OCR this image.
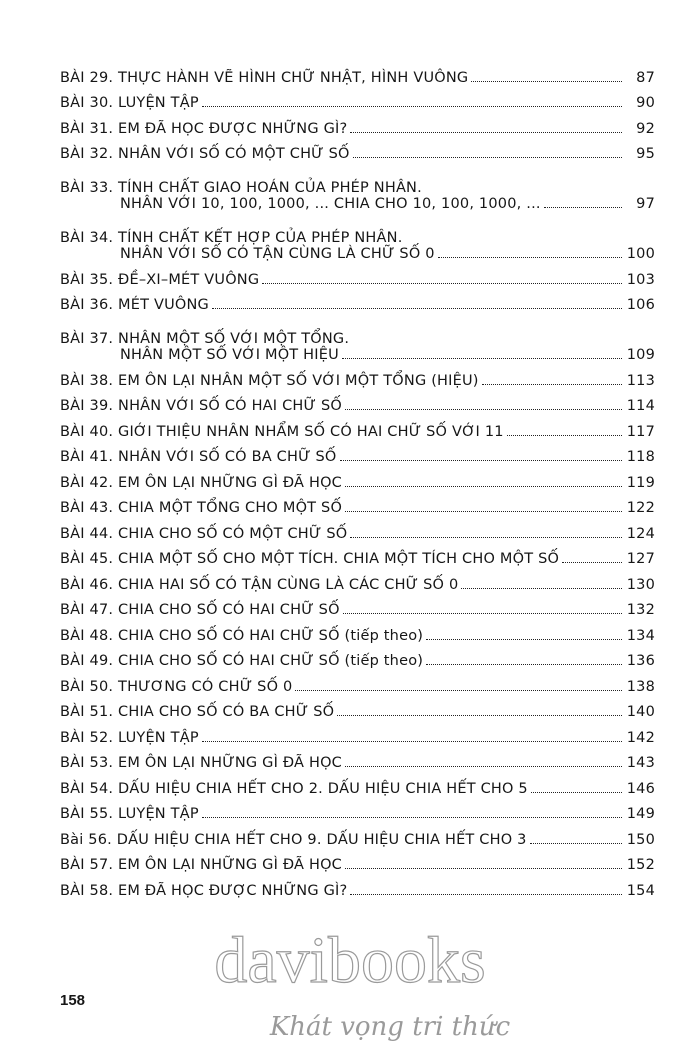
BÀI 29. THỰC HÀNH VẼ HÌNH CHỮ NHẬT, HÌNH VUÔNG	87
BÀI 30. LUYỆN TẬP	90
BÀI 31. EM ĐÃ HỌC ĐƯỢC NHỮNG GÌ?	92
BÀI 32. NHÂN VỚI SỐ CÓ MỘT CHỮ SỐ	95
BÀI 33. TÍNH CHẤT GIAO HOÁN CỦA PHÉP NHÂN.
NHÂN VỚI 10, 100, 1000, ... CHIA CHO 10, 100, 1000, ...	97
BÀI 34. TÍNH CHẤT KẾT HỢP CỦA PHÉP NHÂN.
NHÂN VỚI SỐ CÓ TẬN CÙNG LÀ CHỮ SỐ 0	100
BÀI 35. ĐỀ–XI–MÉT VUÔNG	103
BÀI 36. MÉT VUÔNG	106
BÀI 37. NHÂN MỘT SỐ VỚI MỘT TỔNG.
NHÂN MỘT SỐ VỚI MỘT HIỆU	109
BÀI 38. EM ÔN LẠI NHÂN MỘT SỐ VỚI MỘT TỔNG (HIỆU)	113
BÀI 39. NHÂN VỚI SỐ CÓ HAI CHỮ SỐ	114
BÀI 40. GIỚI THIỆU NHÂN NHẨM SỐ CÓ HAI CHỮ SỐ VỚI 11	117
BÀI 41. NHÂN VỚI SỐ CÓ BA CHỮ SỐ	118
BÀI 42. EM ÔN LẠI NHỮNG GÌ ĐÃ HỌC	119
BÀI 43. CHIA MỘT TỔNG CHO MỘT SỐ	122
BÀI 44. CHIA CHO SỐ CÓ MỘT CHỮ SỐ	124
BÀI 45. CHIA MỘT SỐ CHO MỘT TÍCH. CHIA MỘT TÍCH CHO MỘT SỐ	127
BÀI 46. CHIA HAI SỐ CÓ TẬN CÙNG LÀ CÁC CHỮ SỐ 0	130
BÀI 47. CHIA CHO SỐ CÓ HAI CHỮ SỐ	132
BÀI 48. CHIA CHO SỐ CÓ HAI CHỮ SỐ (tiếp theo)	134
BÀI 49. CHIA CHO SỐ CÓ HAI CHỮ SỐ (tiếp theo)	136
BÀI 50. THƯƠNG CÓ CHỮ SỐ 0	138
BÀI 51. CHIA CHO SỐ CÓ BA CHỮ SỐ	140
BÀI 52. LUYỆN TẬP	142
BÀI 53. EM ÔN LẠI NHỮNG GÌ ĐÃ HỌC	143
BÀI 54. DẤU HIỆU CHIA HẾT CHO 2. DẤU HIỆU CHIA HẾT CHO 5	146
BÀI 55. LUYỆN TẬP	149
Bài 56. DẤU HIỆU CHIA HẾT CHO 9. DẤU HIỆU CHIA HẾT CHO 3	150
BÀI 57. EM ÔN LẠI NHỮNG GÌ ĐÃ HỌC	152
BÀI 58. EM ĐÃ HỌC ĐƯỢC NHỮNG GÌ?	154
158
davibooks
Khát vọng tri thức
